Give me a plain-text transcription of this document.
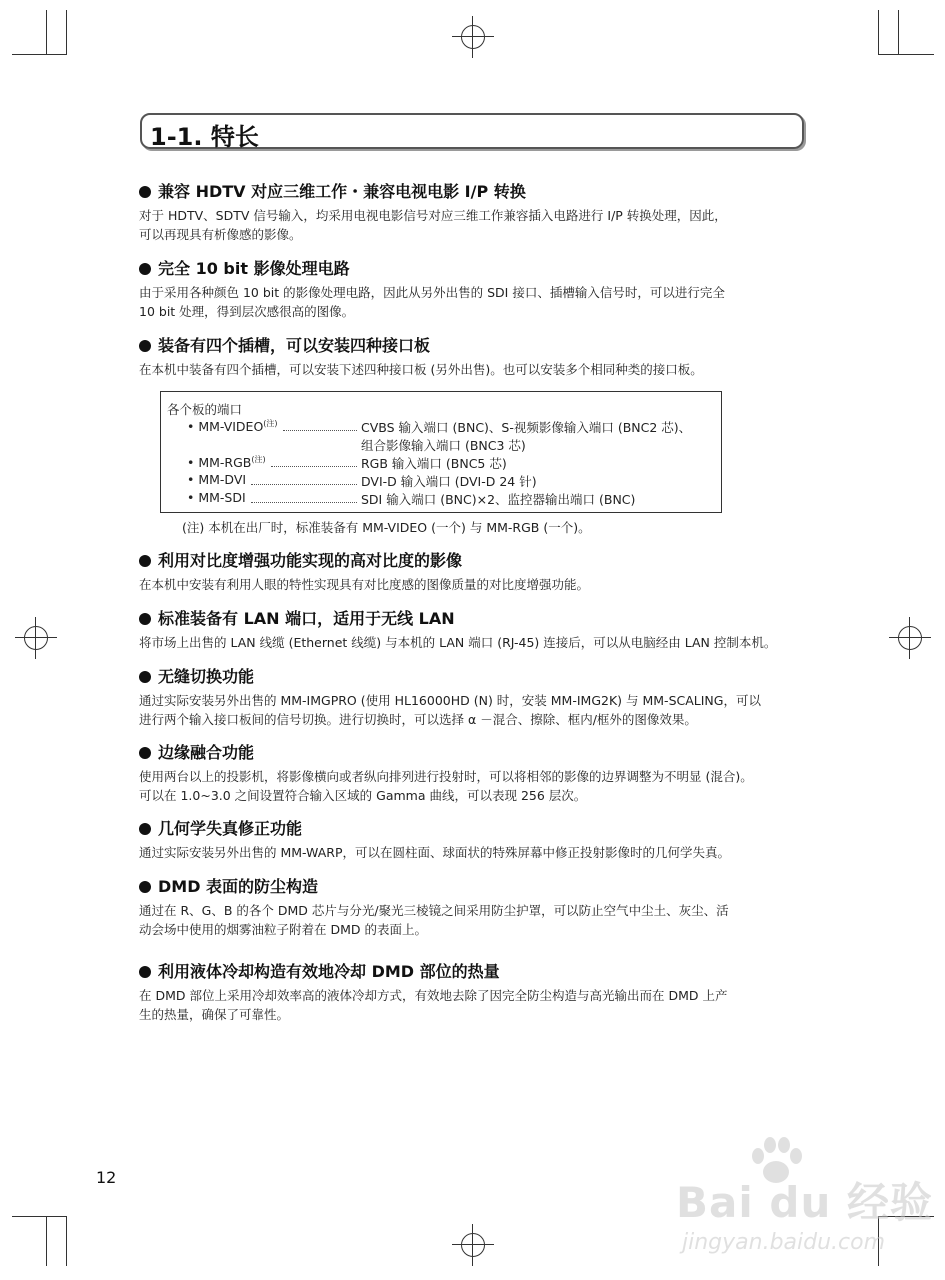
1-1. 特长

兼容 HDTV 对应三维工作・兼容电视电影 I/P 转换

对于 HDTV、SDTV 信号输入，均采用电视电影信号对应三维工作兼容插入电路进行 I/P 转换处理，因此，
可以再现具有析像感的影像。

完全 10 bit 影像处理电路

由于采用各种颜色 10 bit 的影像处理电路，因此从另外出售的 SDI 接口、插槽输入信号时，可以进行完全
10 bit 处理，得到层次感很高的图像。

装备有四个插槽，可以安装四种接口板

在本机中装备有四个插槽，可以安装下述四种接口板 (另外出售)。也可以安装多个相同种类的接口板。

各个板的端口
• $MM-VIDEO^{(注)}$	CVBS 输入端口 (BNC)、S-视频影像输入端口 (BNC2 芯)、
组合影像输入端口 (BNC3 芯)
• $MM-RGB^{(注)}$	RGB 输入端口 (BNC5 芯)
• MM-DVI	DVI-D 输入端口 (DVI-D 24 针)
• MM-SDI	SDI 输入端口 (BNC)×2、监控器输出端口 (BNC)
(注) 本机在出厂时，标准装备有 MM-VIDEO (一个) 与 MM-RGB (一个)。

利用对比度增强功能实现的高对比度的影像

在本机中安装有利用人眼的特性实现具有对比度感的图像质量的对比度增强功能。

标准装备有 LAN 端口，适用于无线 LAN

将市场上出售的 LAN 线缆 (Ethernet 线缆) 与本机的 LAN 端口 (RJ-45) 连接后，可以从电脑经由 LAN 控制本机。

无缝切换功能

通过实际安装另外出售的 MM-IMGPRO (使用 HL16000HD (N) 时，安装 MM-IMG2K) 与 MM-SCALING，可以
进行两个输入接口板间的信号切换。进行切换时，可以选择 α －混合、擦除、框内/框外的图像效果。

边缘融合功能

使用两台以上的投影机，将影像横向或者纵向排列进行投射时，可以将相邻的影像的边界调整为不明显 (混合)。
可以在 1.0~3.0 之间设置符合输入区域的 Gamma 曲线，可以表现 256 层次。

几何学失真修正功能

通过实际安装另外出售的 MM-WARP，可以在圆柱面、球面状的特殊屏幕中修正投射影像时的几何学失真。

DMD 表面的防尘构造

通过在 R、G、B 的各个 DMD 芯片与分光/聚光三棱镜之间采用防尘护罩，可以防止空气中尘土、灰尘、活
动会场中使用的烟雾油粒子附着在 DMD 的表面上。

利用液体冷却构造有效地冷却 DMD 部位的热量

在 DMD 部位上采用冷却效率高的液体冷却方式，有效地去除了因完全防尘构造与高光输出而在 DMD 上产
生的热量，确保了可靠性。

12
Bai du 经验
jingyan.baidu.com
